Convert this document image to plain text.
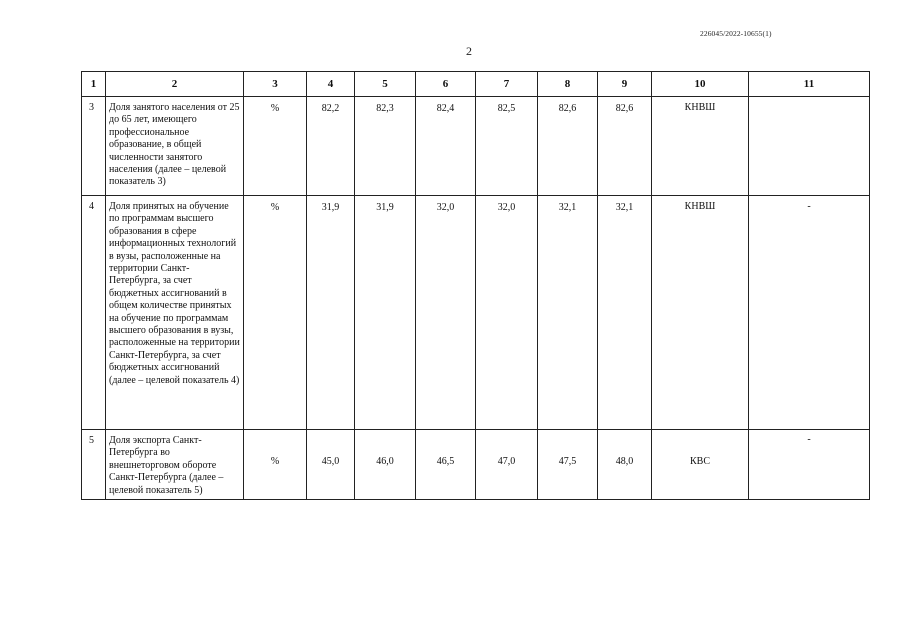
226045/2022-10655(1)
2
1	2	3	4	5	6	7	8	9	10	11
3	Доля занятого населения от 25 до 65 лет, имеющего профессиональное образование, в общей численности занятого населения (далее – целевой показатель 3)	%	82,2	82,3	82,4	82,5	82,6	82,6	КНВШ	
4	Доля принятых на обучение по программам высшего образования в сфере информационных технологий в вузы, расположенные на территории Санкт-Петербурга, за счет бюджетных ассигнований в общем количестве принятых на обучение по программам высшего образования в вузы, расположенные на территории Санкт-Петербурга, за счет бюджетных ассигнований (далее – целевой показатель 4)	%	31,9	31,9	32,0	32,0	32,1	32,1	КНВШ	-
5	Доля экспорта Санкт-Петербурга во внешнеторговом обороте Санкт-Петербурга (далее – целевой показатель 5)	%	45,0	46,0	46,5	47,0	47,5	48,0	КВС	-
